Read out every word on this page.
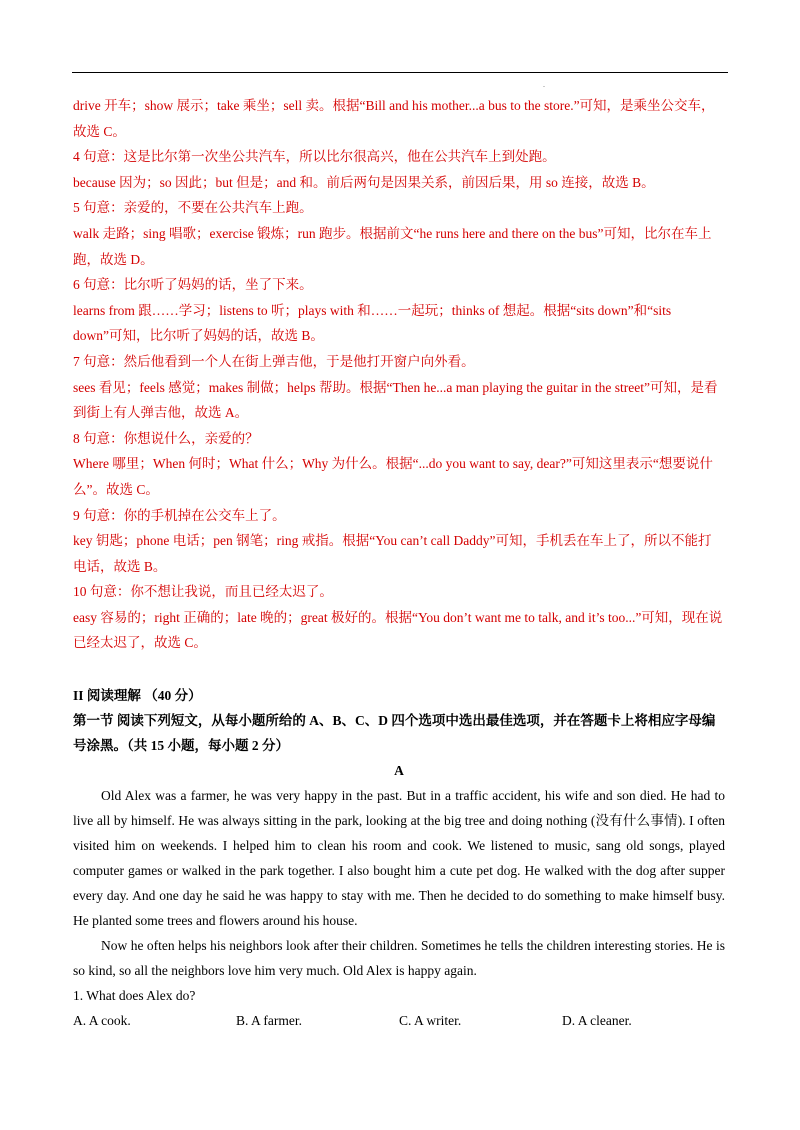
.

drive 开车；show 展示；take 乘坐；sell 卖。根据“Bill and his mother...a bus to the store.”可知，是乘坐公交车，故选 C。

4 句意：这是比尔第一次坐公共汽车，所以比尔很高兴，他在公共汽车上到处跑。

because 因为；so 因此；but 但是；and 和。前后两句是因果关系，前因后果，用 so 连接，故选 B。

5 句意：亲爱的，不要在公共汽车上跑。

walk 走路；sing 唱歌；exercise 锻炼；run 跑步。根据前文“he runs here and there on the bus”可知，比尔在车上跑，故选 D。

6 句意：比尔听了妈妈的话，坐了下来。

learns from 跟……学习；listens to 听；plays with 和……一起玩；thinks of 想起。根据“sits down”和“sits down”可知，比尔听了妈妈的话，故选 B。

7 句意：然后他看到一个人在街上弹吉他，于是他打开窗户向外看。

sees 看见；feels 感觉；makes 制做；helps 帮助。根据“Then he...a man playing the guitar in the street”可知，是看到街上有人弹吉他，故选 A。

8 句意：你想说什么，亲爱的？

Where 哪里；When 何时；What 什么；Why 为什么。根据“...do you want to say, dear?”可知这里表示“想要说什么”。故选 C。

9 句意：你的手机掉在公交车上了。

key 钥匙；phone 电话；pen 钢笔；ring 戒指。根据“You can’t call Daddy”可知，手机丢在车上了，所以不能打电话，故选 B。

10 句意：你不想让我说，而且已经太迟了。

easy 容易的；right 正确的；late 晚的；great 极好的。根据“You don’t want me to talk, and it’s too...”可知，现在说已经太迟了，故选 C。

II 阅读理解 （40 分）

第一节 阅读下列短文，从每小题所给的 A、B、C、D 四个选项中选出最佳选项，并在答题卡上将相应字母编号涂黑。（共 15 小题，每小题 2 分）

A

Old Alex was a farmer, he was very happy in the past. But in a traffic accident, his wife and son died. He had to live all by himself. He was always sitting in the park, looking at the big tree and doing nothing (没有什么事情). I often visited him on weekends. I helped him to clean his room and cook. We listened to music, sang old songs, played computer games or walked in the park together. I also bought him a cute pet dog. He walked with the dog after supper every day. And one day he said he was happy to stay with me. Then he decided to do something to make himself busy. He planted some trees and flowers around his house.

Now he often helps his neighbors look after their children. Sometimes he tells the children interesting stories. He is so kind, so all the neighbors love him very much. Old Alex is happy again.

1. What does Alex do?

A. A cook.	B. A farmer.	C. A writer.	D. A cleaner.
